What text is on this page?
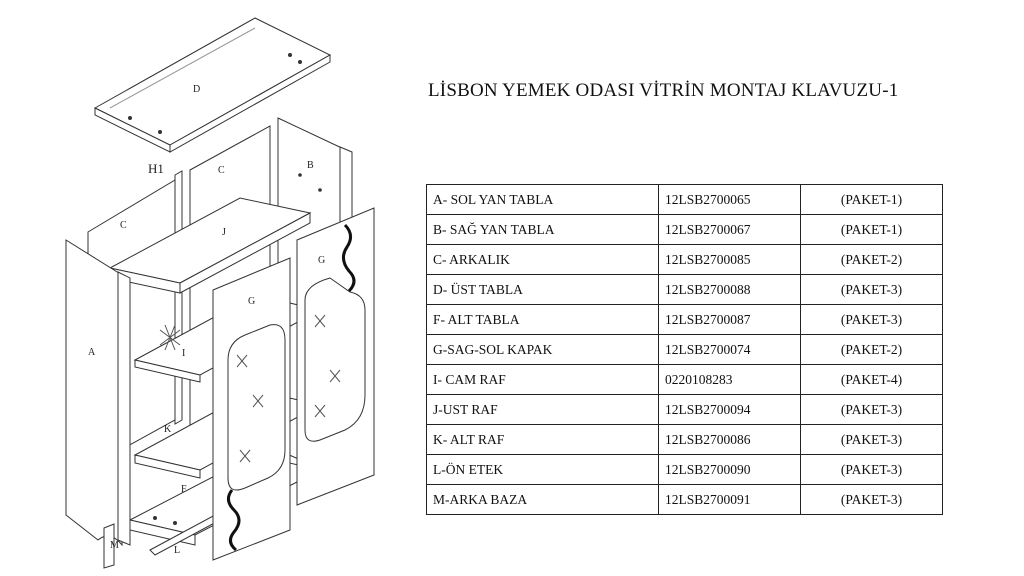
D
H1
C
C	B
A
J
I
K
F
G
G
M	L
LİSBON YEMEK ODASI VİTRİN MONTAJ KLAVUZU-1
A- SOL YAN TABLA	12LSB2700065	(PAKET-1)
B- SAĞ YAN TABLA	12LSB2700067	(PAKET-1)
C- ARKALIK	12LSB2700085	(PAKET-2)
D- ÜST TABLA	12LSB2700088	(PAKET-3)
F- ALT TABLA	12LSB2700087	(PAKET-3)
G-SAG-SOL KAPAK	12LSB2700074	(PAKET-2)
I- CAM RAF	0220108283	(PAKET-4)
J-UST RAF	12LSB2700094	(PAKET-3)
K- ALT RAF	12LSB2700086	(PAKET-3)
L-ÖN ETEK	12LSB2700090	(PAKET-3)
M-ARKA BAZA	12LSB2700091	(PAKET-3)
